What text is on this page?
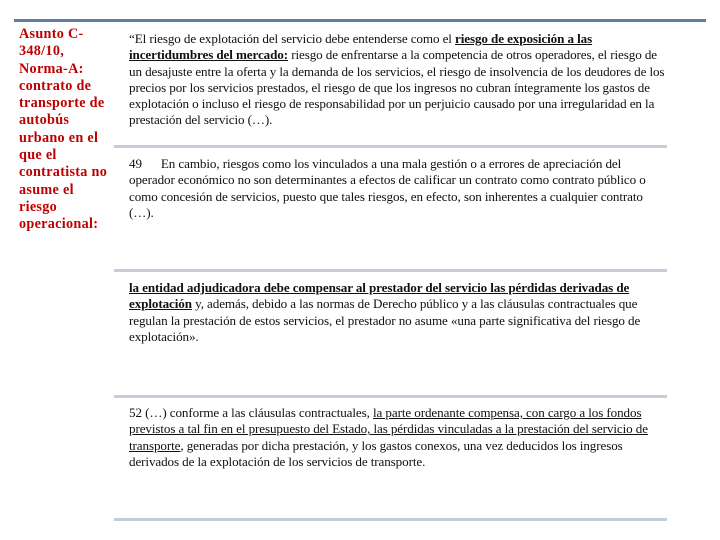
Asunto C-348/10, Norma-A: contrato de transporte de autobús urbano en el que el contratista no asume el riesgo operacional:
“El riesgo de explotación del servicio debe entenderse como el riesgo de exposición a las incertidumbres del mercado: riesgo de enfrentarse a la competencia de otros operadores, el riesgo de un desajuste entre la oferta y la demanda de los servicios, el riesgo de insolvencia de los deudores de los precios por los servicios prestados, el riesgo de que los ingresos no cubran íntegramente los gastos de explotación o incluso el riesgo de responsabilidad por un perjuicio causado por una irregularidad en la prestación del servicio (…).
49 En cambio, riesgos como los vinculados a una mala gestión o a errores de apreciación del operador económico no son determinantes a efectos de calificar un contrato como contrato público o como concesión de servicios, puesto que tales riesgos, en efecto, son inherentes a cualquier contrato (…).
la entidad adjudicadora debe compensar al prestador del servicio las pérdidas derivadas de explotación y, además, debido a las normas de Derecho público y a las cláusulas contractuales que regulan la prestación de estos servicios, el prestador no asume «una parte significativa del riesgo de explotación».
52 (…) conforme a las cláusulas contractuales, la parte ordenante compensa, con cargo a los fondos previstos a tal fin en el presupuesto del Estado, las pérdidas vinculadas a la prestación del servicio de transporte, generadas por dicha prestación, y los gastos conexos, una vez deducidos los ingresos derivados de la explotación de los servicios de transporte.
